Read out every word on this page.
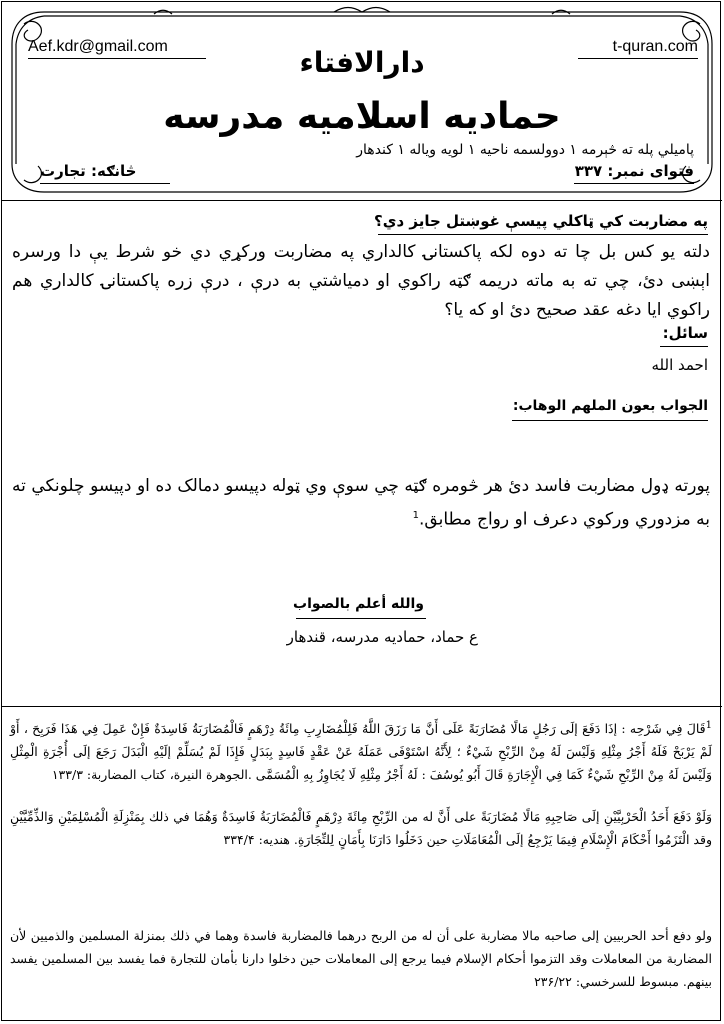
Aef.kdr@gmail.com	t-quran.com
دارالافتاء
حمادیه اسلامیه مدرسه
پامیلي پله ته څېرمه ۱ دوولسمه ناحیه ۱ لویه ویاله ۱ کندهار
فتوای نمبر: ۳۳۷
څانګه: تجارت
په مضاربت کي ټاکلي پیسې غوښتل جایز دي؟
دلته یو کس بل چا ته دوه لکه پاکستانۍ کالداري په مضاربت ورکړي دي خو شرط یې دا ورسره اېښی دئ، چي ته به ماته دریمه ګټه راکوي او دمیاشتي به درې ، درې زره پاکستانۍ کالداري هم راکوي ایا دغه عقد صحیح دئ او که یا؟
سائل:
احمد الله
الجواب بعون الملهم الوهاب:
پورته ډول مضاربت فاسد دئ هر څومره ګټه چي سوې وي ټوله دپیسو دمالک ده او دپیسو چلونکي ته به مزدوري ورکوي دعرف او رواج مطابق.$^1$
والله أعلم بالصواب
ع حماد، حمادیه مدرسه، قندهار
$^1$قَالَ فِي شَرْحِه : إذَا دَفَعَ إلَى رَجُلٍ مَالًا مُضَارَبَةً عَلَى أَنَّ مَا رَزَقَ اللَّهُ فَلِلْمُضَارِبِ مِائَةُ دِرْهَمٍ فَالْمُضَارَبَةُ فَاسِدَةٌ فَإِنْ عَمِلَ فِي هَذَا فَرَبِحَ ، أَوْ لَمْ يَرْبَحْ فَلَهُ أَجْرُ مِثْلِهِ وَلَيْسَ لَهُ مِنْ الرِّبْحِ شَيْءٌ ؛ لِأَنَّهُ اسْتَوْفَى عَمَلَهُ عَنْ عَقْدٍ فَاسِدٍ بِبَدَلٍ فَإِذَا لَمْ يُسَلِّمْ إلَيْهِ الْبَدَلَ رَجَعَ إلَى أُجْرَةِ الْمِثْلِ وَلَيْسَ لَهُ مِنْ الرِّبْحِ شَيْءٌ كَمَا فِي الْإِجَارَةِ قَالَ أَبُو يُوسُفَ : لَهُ أَجْرُ مِثْلِهِ لَا يُجَاوِزُ بِهِ الْمُسَمَّى .الجوهرة النيرة، كتاب المضاربة: ۱۳۳/۳
وَلَوْ دَفَعَ أَحَدُ الْحَرْبِيَّيْنِ إلَى صَاحِبِهِ مَالًا مُضَارَبَةً على أَنَّ له من الرِّبْحِ مِائَةَ دِرْهَمٍ فَالْمُضَارَبَةُ فَاسِدَةٌ وَهُمَا في ذلك بِمَنْزِلَةِ الْمُسْلِمَيْنِ وَالذِّمِّيَّيْنِ وقد الْتَزَمُوا أَحْكَامَ الْإِسْلَامِ فِيمَا يَرْجِعُ إلَى الْمُعَامَلَاتِ حين دَخَلُوا دَارَنَا بِأَمَانٍ لِلتِّجَارَةِ. هنديه: ۳۳۴/۴
ولو دفع أحد الحربيين إلى صاحبه مالا مضاربة على أن له من الربح درهما فالمضاربة فاسدة وهما في ذلك بمنزلة المسلمين والذميين لأن المضاربة من المعاملات وقد التزموا أحكام الإسلام فيما يرجع إلى المعاملات حين دخلوا دارنا بأمان للتجارة فما يفسد بين المسلمين يفسد بينهم. مبسوط للسرخسي: ۲۳۶/۲۲
